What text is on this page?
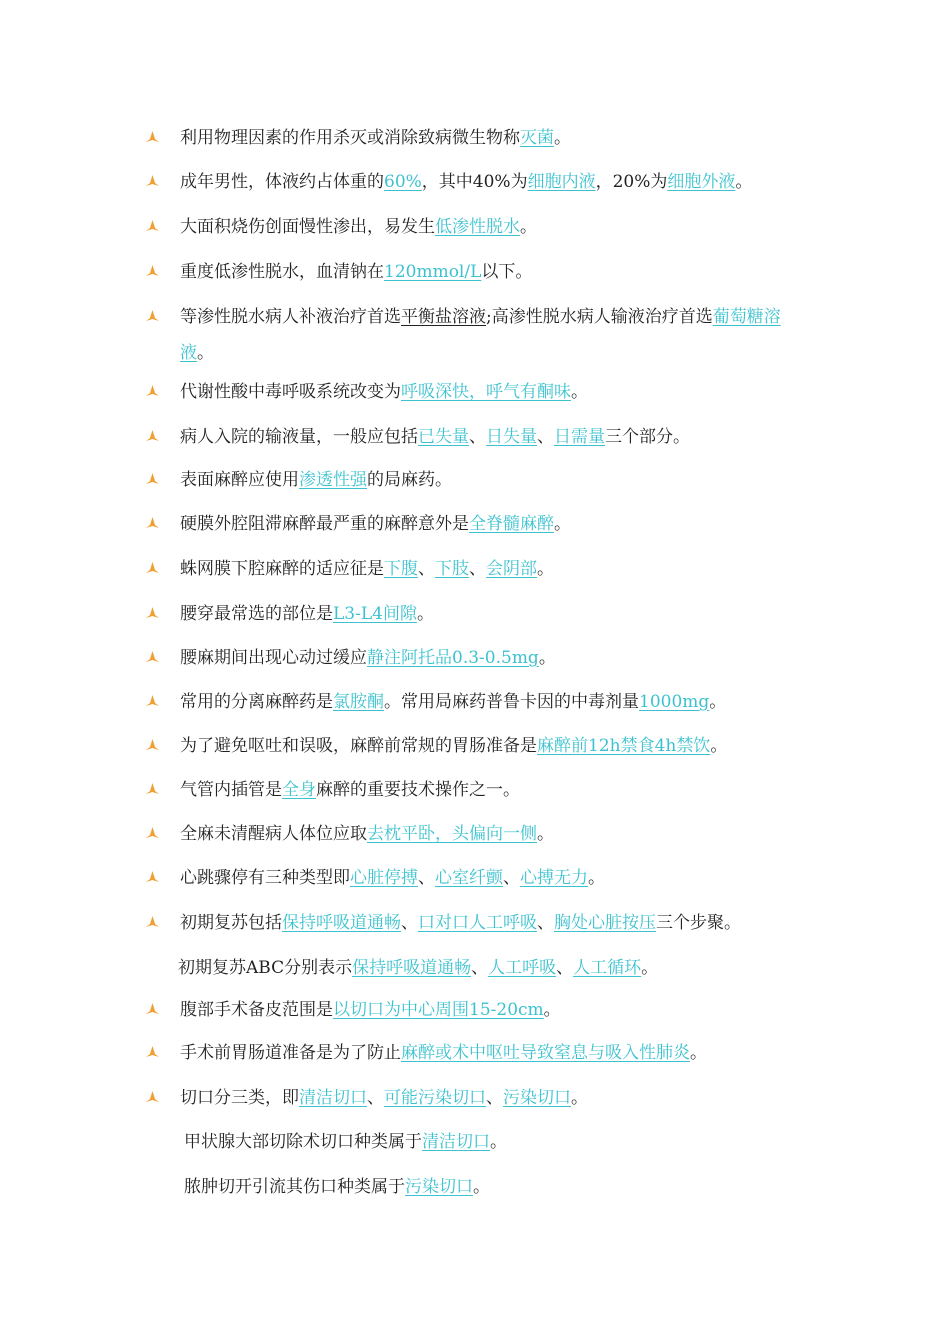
利用物理因素的作用杀灭或消除致病微生物称灭菌。
成年男性，体液约占体重的60%，其中40%为细胞内液，20%为细胞外液。
大面积烧伤创面慢性渗出，易发生低渗性脱水。
重度低渗性脱水，血清钠在120mmol/L以下。
等渗性脱水病人补液治疗首选平衡盐溶液;高渗性脱水病人输液治疗首选葡萄糖溶液。
代谢性酸中毒呼吸系统改变为呼吸深快，呼气有酮味。
病人入院的输液量，一般应包括已失量、日失量、日需量三个部分。
表面麻醉应使用渗透性强的局麻药。
硬膜外腔阻滞麻醉最严重的麻醉意外是全脊髓麻醉。
蛛网膜下腔麻醉的适应征是下腹、下肢、会阴部。
腰穿最常选的部位是L3-L4间隙。
腰麻期间出现心动过缓应静注阿托品0.3-0.5mg。
常用的分离麻醉药是氯胺酮。常用局麻药普鲁卡因的中毒剂量1000mg。
为了避免呕吐和误吸，麻醉前常规的胃肠准备是麻醉前12h禁食4h禁饮。
气管内插管是全身麻醉的重要技术操作之一。
全麻未清醒病人体位应取去枕平卧，头偏向一侧。
心跳骤停有三种类型即心脏停搏、心室纤颤、心搏无力。
初期复苏包括保持呼吸道通畅、口对口人工呼吸、胸处心脏按压三个步聚。
初期复苏ABC分别表示保持呼吸道通畅、人工呼吸、人工循环。
腹部手术备皮范围是以切口为中心周围15-20cm。
手术前胃肠道准备是为了防止麻醉或术中呕吐导致窒息与吸入性肺炎。
切口分三类，即清洁切口、可能污染切口、污染切口。
甲状腺大部切除术切口种类属于清洁切口。
脓肿切开引流其伤口种类属于污染切口。
